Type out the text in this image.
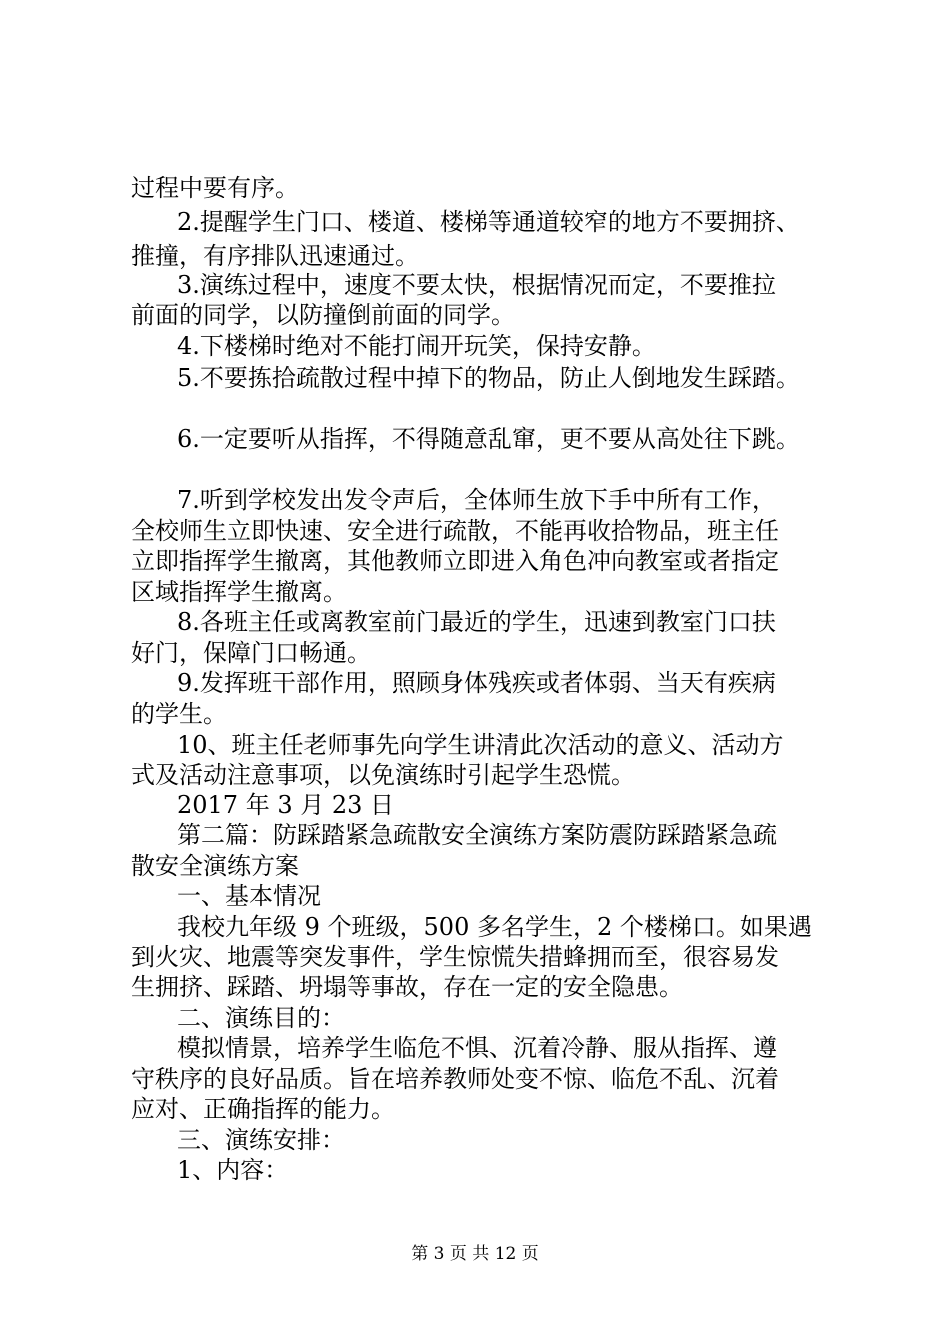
过程中要有序。
2.提醒学生门口、楼道、楼梯等通道较窄的地方不要拥挤、
推撞，有序排队迅速通过。
3.演练过程中，速度不要太快，根据情况而定，不要推拉
前面的同学，以防撞倒前面的同学。
4.下楼梯时绝对不能打闹开玩笑，保持安静。
5.不要拣拾疏散过程中掉下的物品，防止人倒地发生踩踏。
6.一定要听从指挥，不得随意乱窜，更不要从高处往下跳。
7.听到学校发出发令声后，全体师生放下手中所有工作，
全校师生立即快速、安全进行疏散，不能再收拾物品，班主任
立即指挥学生撤离，其他教师立即进入角色冲向教室或者指定
区域指挥学生撤离。
8.各班主任或离教室前门最近的学生，迅速到教室门口扶
好门，保障门口畅通。
9.发挥班干部作用，照顾身体残疾或者体弱、当天有疾病
的学生。
10、班主任老师事先向学生讲清此次活动的意义、活动方
式及活动注意事项，以免演练时引起学生恐慌。
2017 年 3 月 23 日
第二篇：防踩踏紧急疏散安全演练方案防震防踩踏紧急疏
散安全演练方案
一、基本情况
我校九年级 9 个班级，500 多名学生，2 个楼梯口。如果遇
到火灾、地震等突发事件，学生惊慌失措蜂拥而至，很容易发
生拥挤、踩踏、坍塌等事故，存在一定的安全隐患。
二、演练目的：
模拟情景，培养学生临危不惧、沉着冷静、服从指挥、遵
守秩序的良好品质。旨在培养教师处变不惊、临危不乱、沉着
应对、正确指挥的能力。
三、演练安排：
1、内容：
第 3 页 共 12 页
